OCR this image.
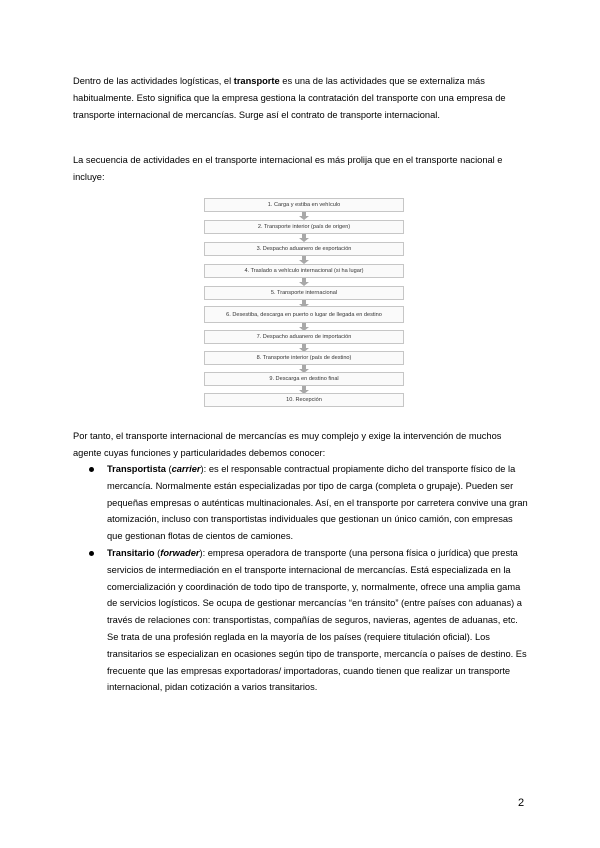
Dentro de las actividades logísticas, el transporte es una de las actividades que se externaliza más habitualmente. Esto significa que la empresa gestiona la contratación del transporte con una empresa de transporte internacional de mercancías. Surge así el contrato de transporte internacional.

La secuencia de actividades en el transporte internacional es más prolija que en el transporte nacional e incluye:

1. Carga y estiba en vehículo
2. Transporte interior (país de origen)
3. Despacho aduanero de exportación
4. Traslado a vehículo internacional (si ha lugar)
5. Transporte internacional
6. Desestiba, descarga en puerto o lugar de llegada en destino
7. Despacho aduanero de importación
8. Transporte interior (país de destino)
9. Descarga en destino final
10. Recepción

Por tanto, el transporte internacional de mercancías es muy complejo y exige la intervención de muchos agente cuyas funciones y particularidades debemos conocer:

Transportista (carrier): es el responsable contractual propiamente dicho del transporte físico de la mercancía. Normalmente están especializadas por tipo de carga (completa o grupaje). Pueden ser pequeñas empresas o auténticas multinacionales. Así, en el transporte por carretera convive una gran atomización, incluso con transportistas individuales que gestionan un único camión, con empresas que gestionan flotas de cientos de camiones.
Transitario (forwader): empresa operadora de transporte (una persona física o jurídica) que presta servicios de intermediación en el transporte internacional de mercancías. Está especializada en la comercialización y coordinación de todo tipo de transporte, y, normalmente, ofrece una amplia gama de servicios logísticos. Se ocupa de gestionar mercancías “en tránsito” (entre países con aduanas) a través de relaciones con: transportistas, compañías de seguros, navieras, agentes de aduanas, etc. Se trata de una profesión reglada en la mayoría de los países (requiere titulación oficial). Los transitarios se especializan en ocasiones según tipo de transporte, mercancía o países de destino. Es frecuente que las empresas exportadoras/ importadoras, cuando tienen que realizar un transporte internacional, pidan cotización a varios transitarios.
2
